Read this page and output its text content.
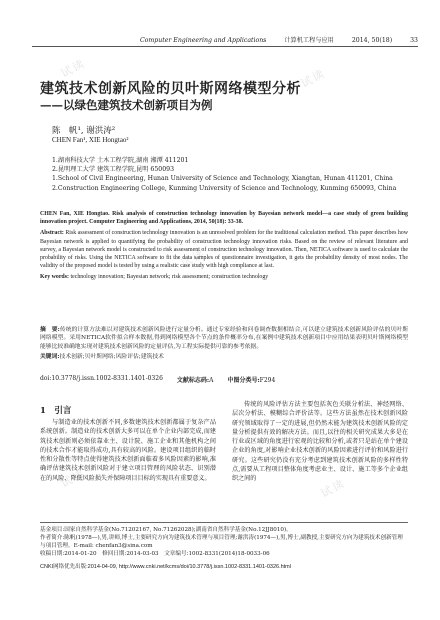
试读	试读
试读
试读	试读
Computer Engineering and Applications	计算机工程与应用	2014, 50(18)	33
建筑技术创新风险的贝叶斯网络模型分析
——以绿色建筑技术创新项目为例
陈　帆¹, 谢洪涛²
CHEN Fan¹, XIE Hongtao²
1.湖南科技大学 土木工程学院,湖南 湘潭 411201
2.昆明理工大学 建筑工程学院,昆明 650093
1.School of Civil Engineering, Hunan University of Science and Technology, Xiangtan, Hunan 411201, China
2.Construction Engineering College, Kunming University of Science and Technology, Kunming 650093, China

CHEN Fan, XIE Hongtao. Risk analysis of construction technology innovation by Bayesian network model—a case study of green building innovation project. Computer Engineering and Applications, 2014, 50(18): 33-38.

Abstract: Risk assessment of construction technology innovation is an unresolved problem for the traditional calculation method. This paper describes how Bayesian network is applied to quantifying the probability of construction technology innovation risks. Based on the review of relevant literature and survey, a Bayesian network model is constructed to risk assessment of construction technology innovation. Then, NETICA software is used to calculate the probability of risks. Using the NETICA software to fit the data samples of questionnaire investigation, it gets the probability density of most nodes. The validity of the proposed model is tested by using a realistic case study with high compliance at last.

Key words: technology innovation; Bayesian network; risk assessment; construction technology

摘　要:传统的计算方法难以对建筑技术创新风险进行定量分析。通过专家经验和问卷调查数据相结合,可以建立建筑技术创新风险评估的贝叶斯网络模型。采用NETICA软件拟合样本数据,得到网络模型各个节点的条件概率分布,在案例中建筑技术创新项目中应用结果表明贝叶斯网络模型能够比较准确地实现对建筑技术创新风险的定量评估,为工程实际提供可靠的参考依据。

关键词:技术创新;贝叶斯网络;风险评估;建筑技术

doi:10.3778/j.issn.1002-8331.1401-0326 文献标志码:A 中图分类号:F294
1　引言
与制造业的技术创新不同,多数建筑技术创新都属于复杂产品系统创新。制造业的技术创新大多可以在单个企业内部完成,而建筑技术创新则必须依靠业主、设计院、施工企业和其他机构之间的技术合作才能取得成功,具有较高的风险。建设项目组织的临时性和分散性等特点使得建筑技术创新面临着多风险因素的影响,准确评估建筑技术创新风险对于建立项目管理的风险状态、识别潜在的风险、降低风险损失并保障项目目标的实现具有重要意义。
传统的风险评估方法主要包括灰色关联分析法、神经网络、层次分析法、模糊综合评价法等。这些方法虽然在技术创新风险研究领域取得了一定的进展,但仍然未能为建筑技术创新风险的定量分析提供有效的解决方法。而且,以往的相关研究成果大多是在行业或区域的角度进行宏观的比较和分析,或者只是站在单个建设企业的角度,对影响企业技术创新的风险因素进行评价和风险进行研究。这些研究仍没有充分考虑到建筑技术创新风险的多样性特点,需要从工程项目整体角度考虑业主、设计、施工等多个企业组织之间的
基金项目:国家自然科学基金(No.71202167, No.71262028);湖南省自然科学基金(No.12JJ8010)。
作者简介:陈帆(1978—),男,讲师,博士,主要研究方向为建筑技术管理与项目管理;谢洪涛(1974—),男,博士,副教授,主要研究方向为建筑技术创新管理与项目管理。E-mail: chenfan3@sina.com
收稿日期:2014-01-20　修回日期:2014-03-03　文章编号:1002-8331(2014)18-0033-06
CNKI网络优先出版:2014-04-09, http://www.cnki.net/kcms/doi/10.3778/j.issn.1002-8331.1401-0326.html
